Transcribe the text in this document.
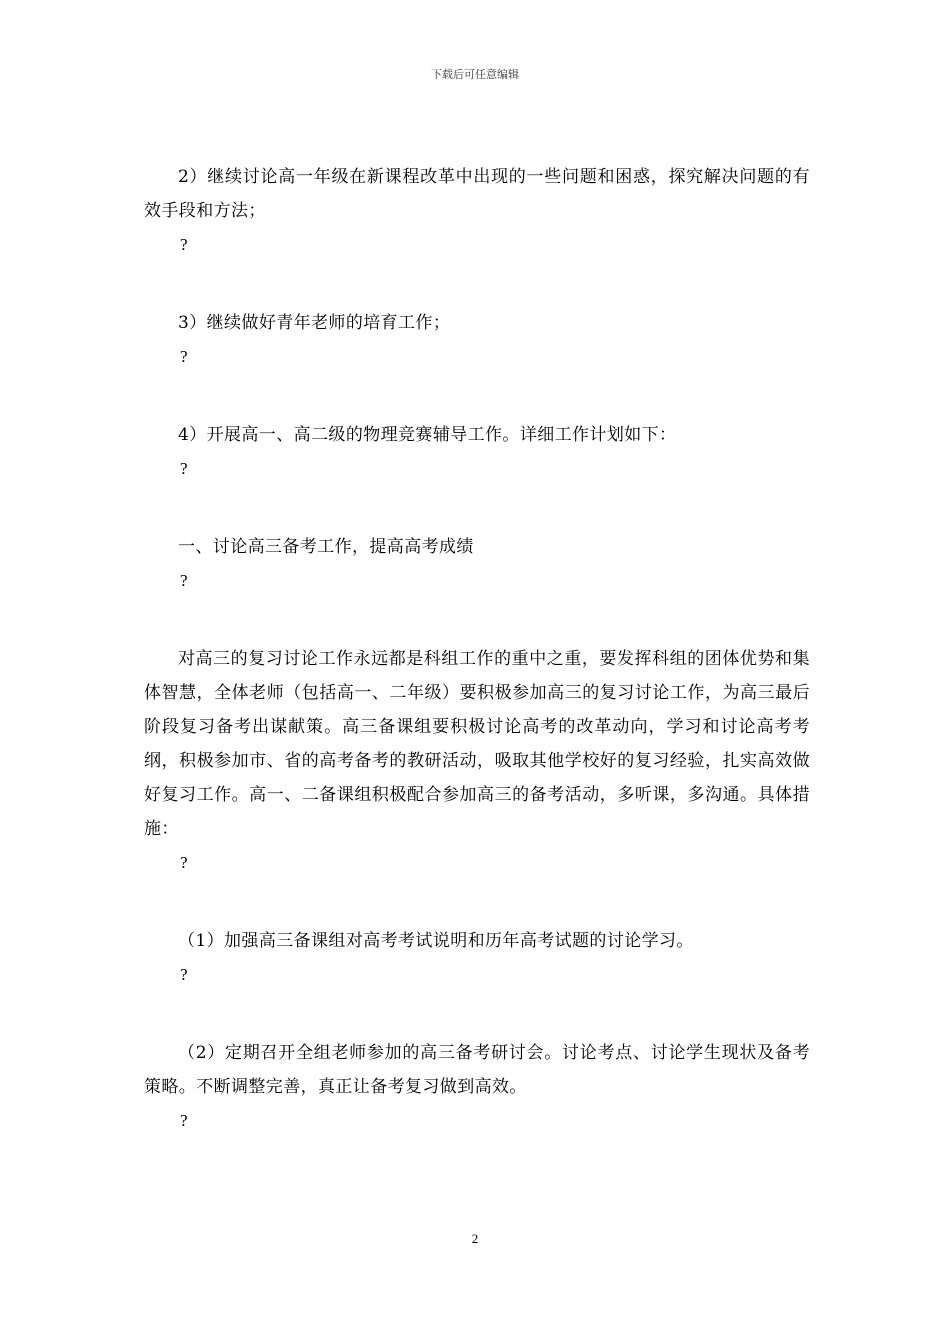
下载后可任意编辑

2）继续讨论高一年级在新课程改革中出现的一些问题和困惑，探究解决问题的有效手段和方法；

?

3）继续做好青年老师的培育工作；

?

4）开展高一、高二级的物理竞赛辅导工作。详细工作计划如下：

?

一、讨论高三备考工作，提高高考成绩

?

对高三的复习讨论工作永远都是科组工作的重中之重，要发挥科组的团体优势和集体智慧，全体老师（包括高一、二年级）要积极参加高三的复习讨论工作，为高三最后阶段复习备考出谋献策。高三备课组要积极讨论高考的改革动向，学习和讨论高考考纲，积极参加市、省的高考备考的教研活动，吸取其他学校好的复习经验，扎实高效做好复习工作。高一、二备课组积极配合参加高三的备考活动，多听课，多沟通。具体措施：

?

（1）加强高三备课组对高考考试说明和历年高考试题的讨论学习。

?

（2）定期召开全组老师参加的高三备考研讨会。讨论考点、讨论学生现状及备考策略。不断调整完善，真正让备考复习做到高效。

?

2
